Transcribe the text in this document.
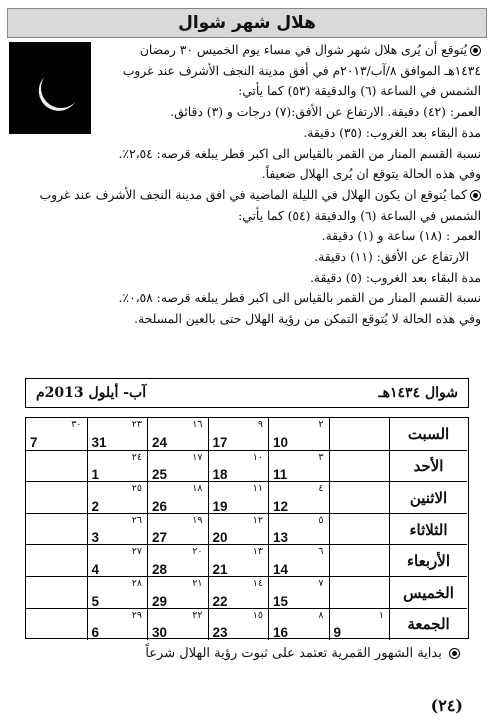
هلال شهر شوال
يُتوقع أن يُرى هلال شهر شوال في مساء يوم الخميس ٣٠ رمضان
١٤٣٤هـ الموافق ٨/آب/٢٠١٣م في أفق مدينة النجف الأشرف عند غروب
الشمس في الساعة (٦) والدقيقة (٥٣) كما يأتي:
العمر: (٤٢) دقيقة. الارتفاع عن الأفق:(٧) درجات و (٣) دقائق.
مدة البقاء بعد الغروب: (٣٥) دقيقة.
نسبة القسم المنار من القمر بالقياس الى اكبر قطر يبلغه قرصه: ٢،٥٤٪.
وفي هذه الحالة يتوقع ان يُرى الهلال ضعيفاً.
كما يُتوقع ان يكون الهلال في الليلة الماضية في افق مدينة النجف الأشرف عند غروب
الشمس في الساعة (٦) والدقيقة (٥٤) كما يأتي:
العمر : (١٨) ساعة و (١) دقيقة.
الارتفاع عن الأفق: (١١) دقيقة.
مدة البقاء بعد الغروب: (٥) دقيقة.
نسبة القسم المنار من القمر بالقياس الى اكبر قطر يبلغه قرصه: ٠،٥٨٪.
وفي هذه الحالة لا يُتوقع التمكن من رؤية الهلال حتى بالعين المسلحة.
آب- أيلول 2013م	شوال ١٤٣٤هـ
السبت
٢
10
٩
17
١٦
24
٢٣
31
٣٠
7
الأحد
٣
11
١٠
18
١٧
25
٢٤
1
الاثنين
٤
12
١١
19
١٨
26
٢٥
2
الثلاثاء
٥
13
١٢
20
١٩
27
٢٦
3
الأربعاء
٦
14
١٣
21
٢٠
28
٢٧
4
الخميس
٧
15
١٤
22
٢١
29
٢٨
5
الجمعة
١
9
٨
16
١٥
23
٢٢
30
٢٩
6
بداية الشهور القمرية تعتمد على ثبوت رؤية الهلال شرعاً
(٢٤)
